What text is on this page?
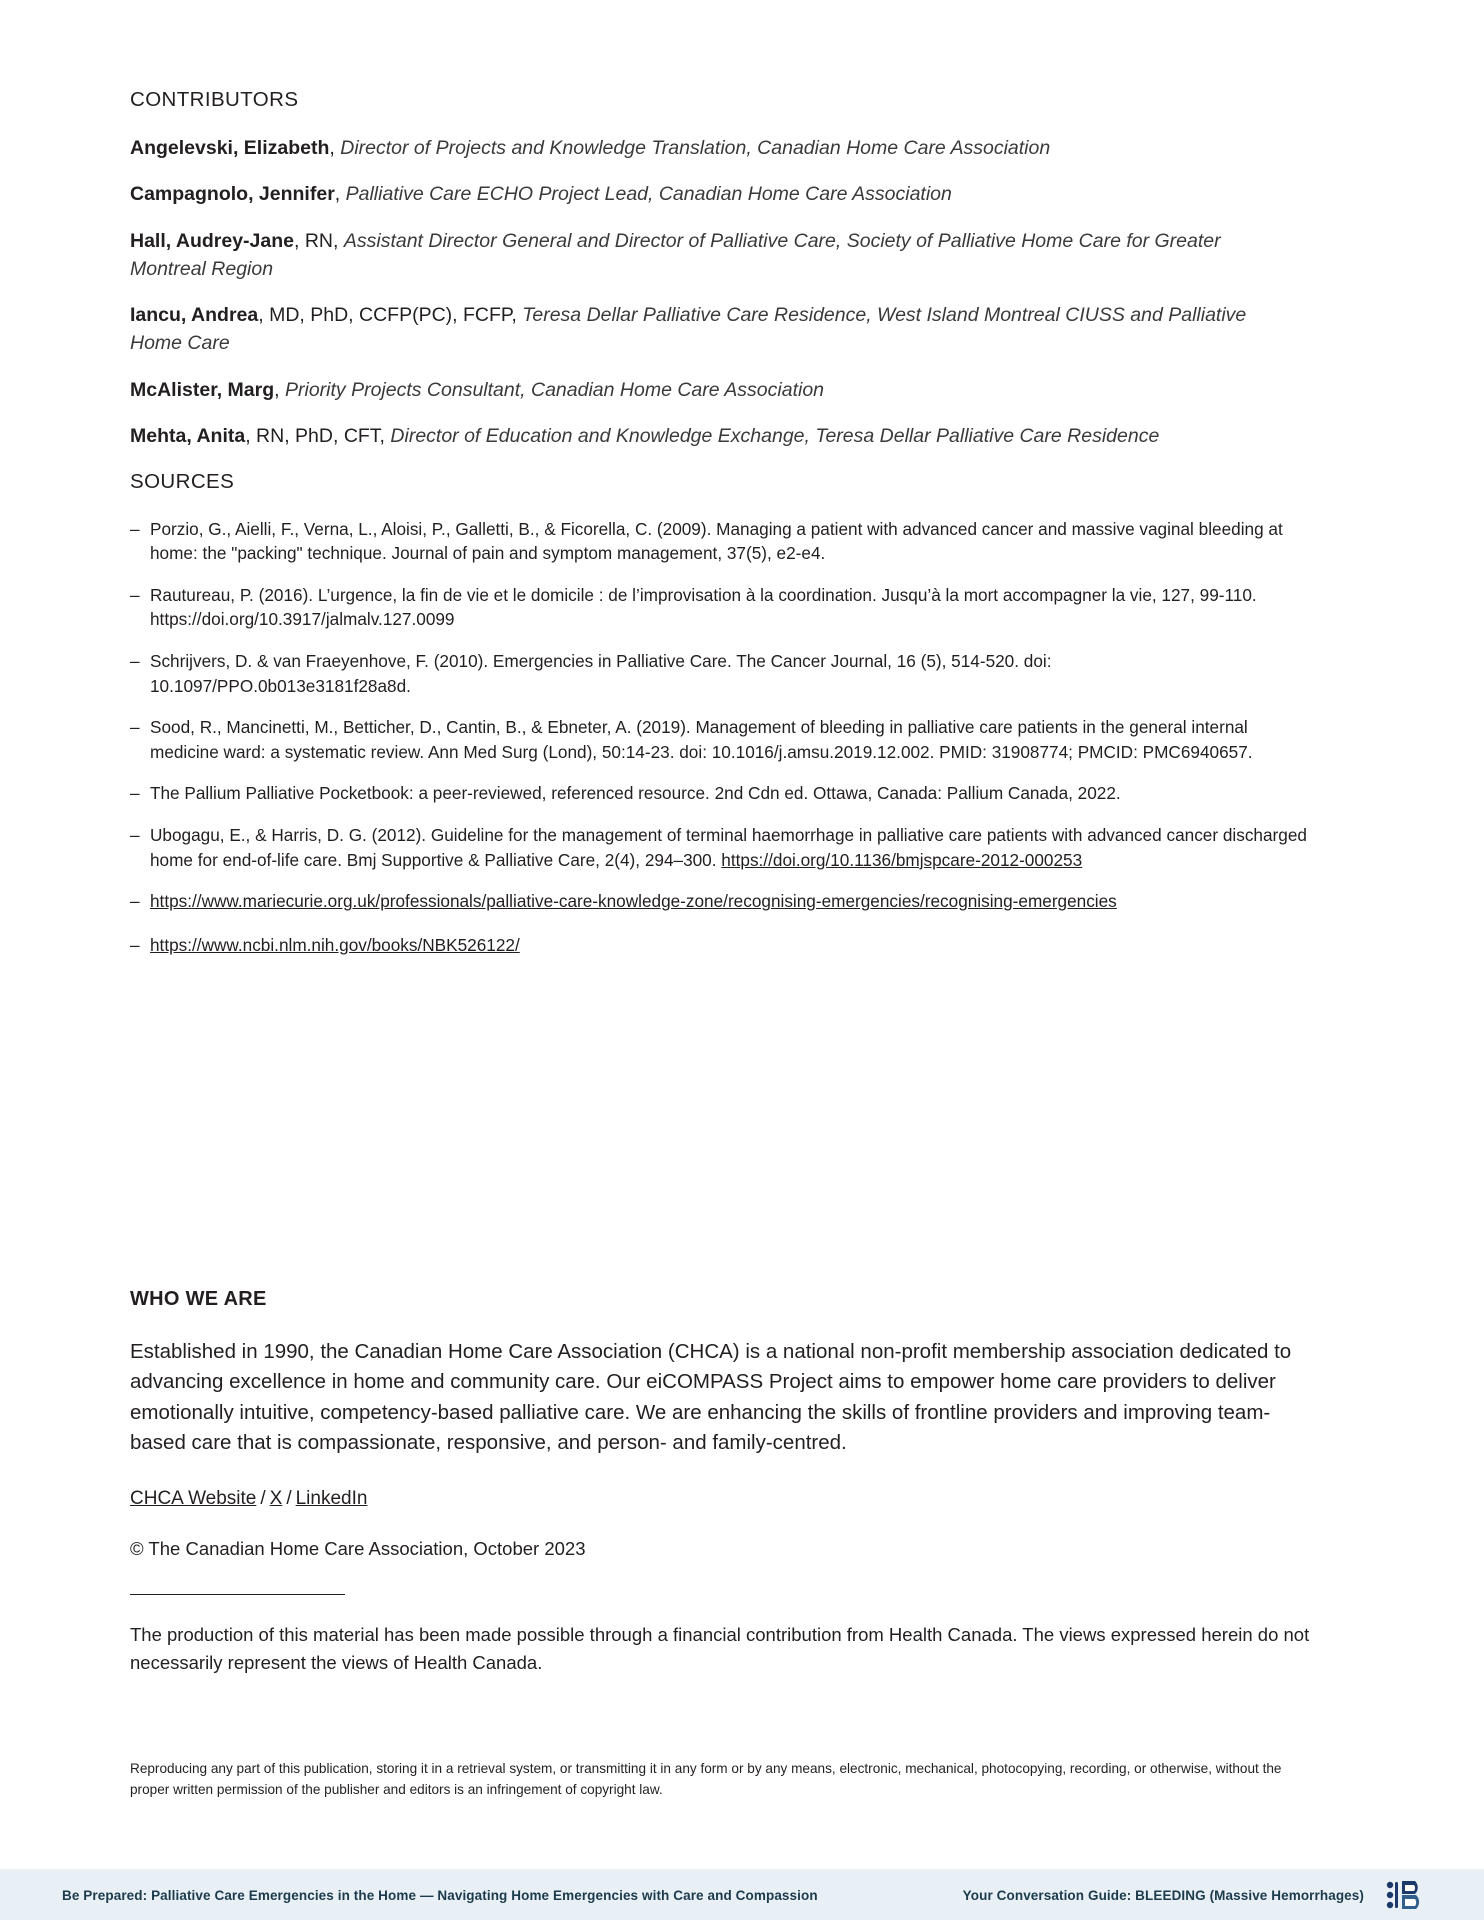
CONTRIBUTORS

Angelevski, Elizabeth, Director of Projects and Knowledge Translation, Canadian Home Care Association

Campagnolo, Jennifer, Palliative Care ECHO Project Lead, Canadian Home Care Association

Hall, Audrey-Jane, RN, Assistant Director General and Director of Palliative Care, Society of Palliative Home Care for Greater Montreal Region

Iancu, Andrea, MD, PhD, CCFP(PC), FCFP, Teresa Dellar Palliative Care Residence, West Island Montreal CIUSS and Palliative Home Care

McAlister, Marg, Priority Projects Consultant, Canadian Home Care Association

Mehta, Anita, RN, PhD, CFT, Director of Education and Knowledge Exchange, Teresa Dellar Palliative Care Residence

SOURCES
– Porzio, G., Aielli, F., Verna, L., Aloisi, P., Galletti, B., & Ficorella, C. (2009). Managing a patient with advanced cancer and massive vaginal bleeding at home: the "packing" technique. Journal of pain and symptom management, 37(5), e2-e4.
– Rautureau, P. (2016). L’urgence, la fin de vie et le domicile : de l’improvisation à la coordination. Jusqu’à la mort accompagner la vie, 127, 99-110. https://doi.org/10.3917/jalmalv.127.0099
– Schrijvers, D. & van Fraeyenhove, F. (2010). Emergencies in Palliative Care. The Cancer Journal, 16 (5), 514-520. doi: 10.1097/PPO.0b013e3181f28a8d.
– Sood, R., Mancinetti, M., Betticher, D., Cantin, B., & Ebneter, A. (2019). Management of bleeding in palliative care patients in the general internal medicine ward: a systematic review. Ann Med Surg (Lond), 50:14-23. doi: 10.1016/j.amsu.2019.12.002. PMID: 31908774; PMCID: PMC6940657.
– The Pallium Palliative Pocketbook: a peer-reviewed, referenced resource. 2nd Cdn ed. Ottawa, Canada: Pallium Canada, 2022.
– Ubogagu, E., & Harris, D. G. (2012). Guideline for the management of terminal haemorrhage in palliative care patients with advanced cancer discharged home for end-of-life care. Bmj Supportive & Palliative Care, 2(4), 294–300. https://doi.org/10.1136/bmjspcare-2012-000253
– https://www.mariecurie.org.uk/professionals/palliative-care-knowledge-zone/recognising-emergencies/recognising-emergencies
– https://www.ncbi.nlm.nih.gov/books/NBK526122/
WHO WE ARE

Established in 1990, the Canadian Home Care Association (CHCA) is a national non-profit membership association dedicated to advancing excellence in home and community care. Our eiCOMPASS Project aims to empower home care providers to deliver emotionally intuitive, competency-based palliative care. We are enhancing the skills of frontline providers and improving team-based care that is compassionate, responsive, and person- and family-centred.

CHCA Website / X / LinkedIn
© The Canadian Home Care Association, October 2023

The production of this material has been made possible through a financial contribution from Health Canada. The views expressed herein do not necessarily represent the views of Health Canada.

Reproducing any part of this publication, storing it in a retrieval system, or transmitting it in any form or by any means, electronic, mechanical, photocopying, recording, or otherwise, without the proper written permission of the publisher and editors is an infringement of copyright law.
Be Prepared: Palliative Care Emergencies in the Home — Navigating Home Emergencies with Care and Compassion	Your Conversation Guide: BLEEDING (Massive Hemorrhages)
